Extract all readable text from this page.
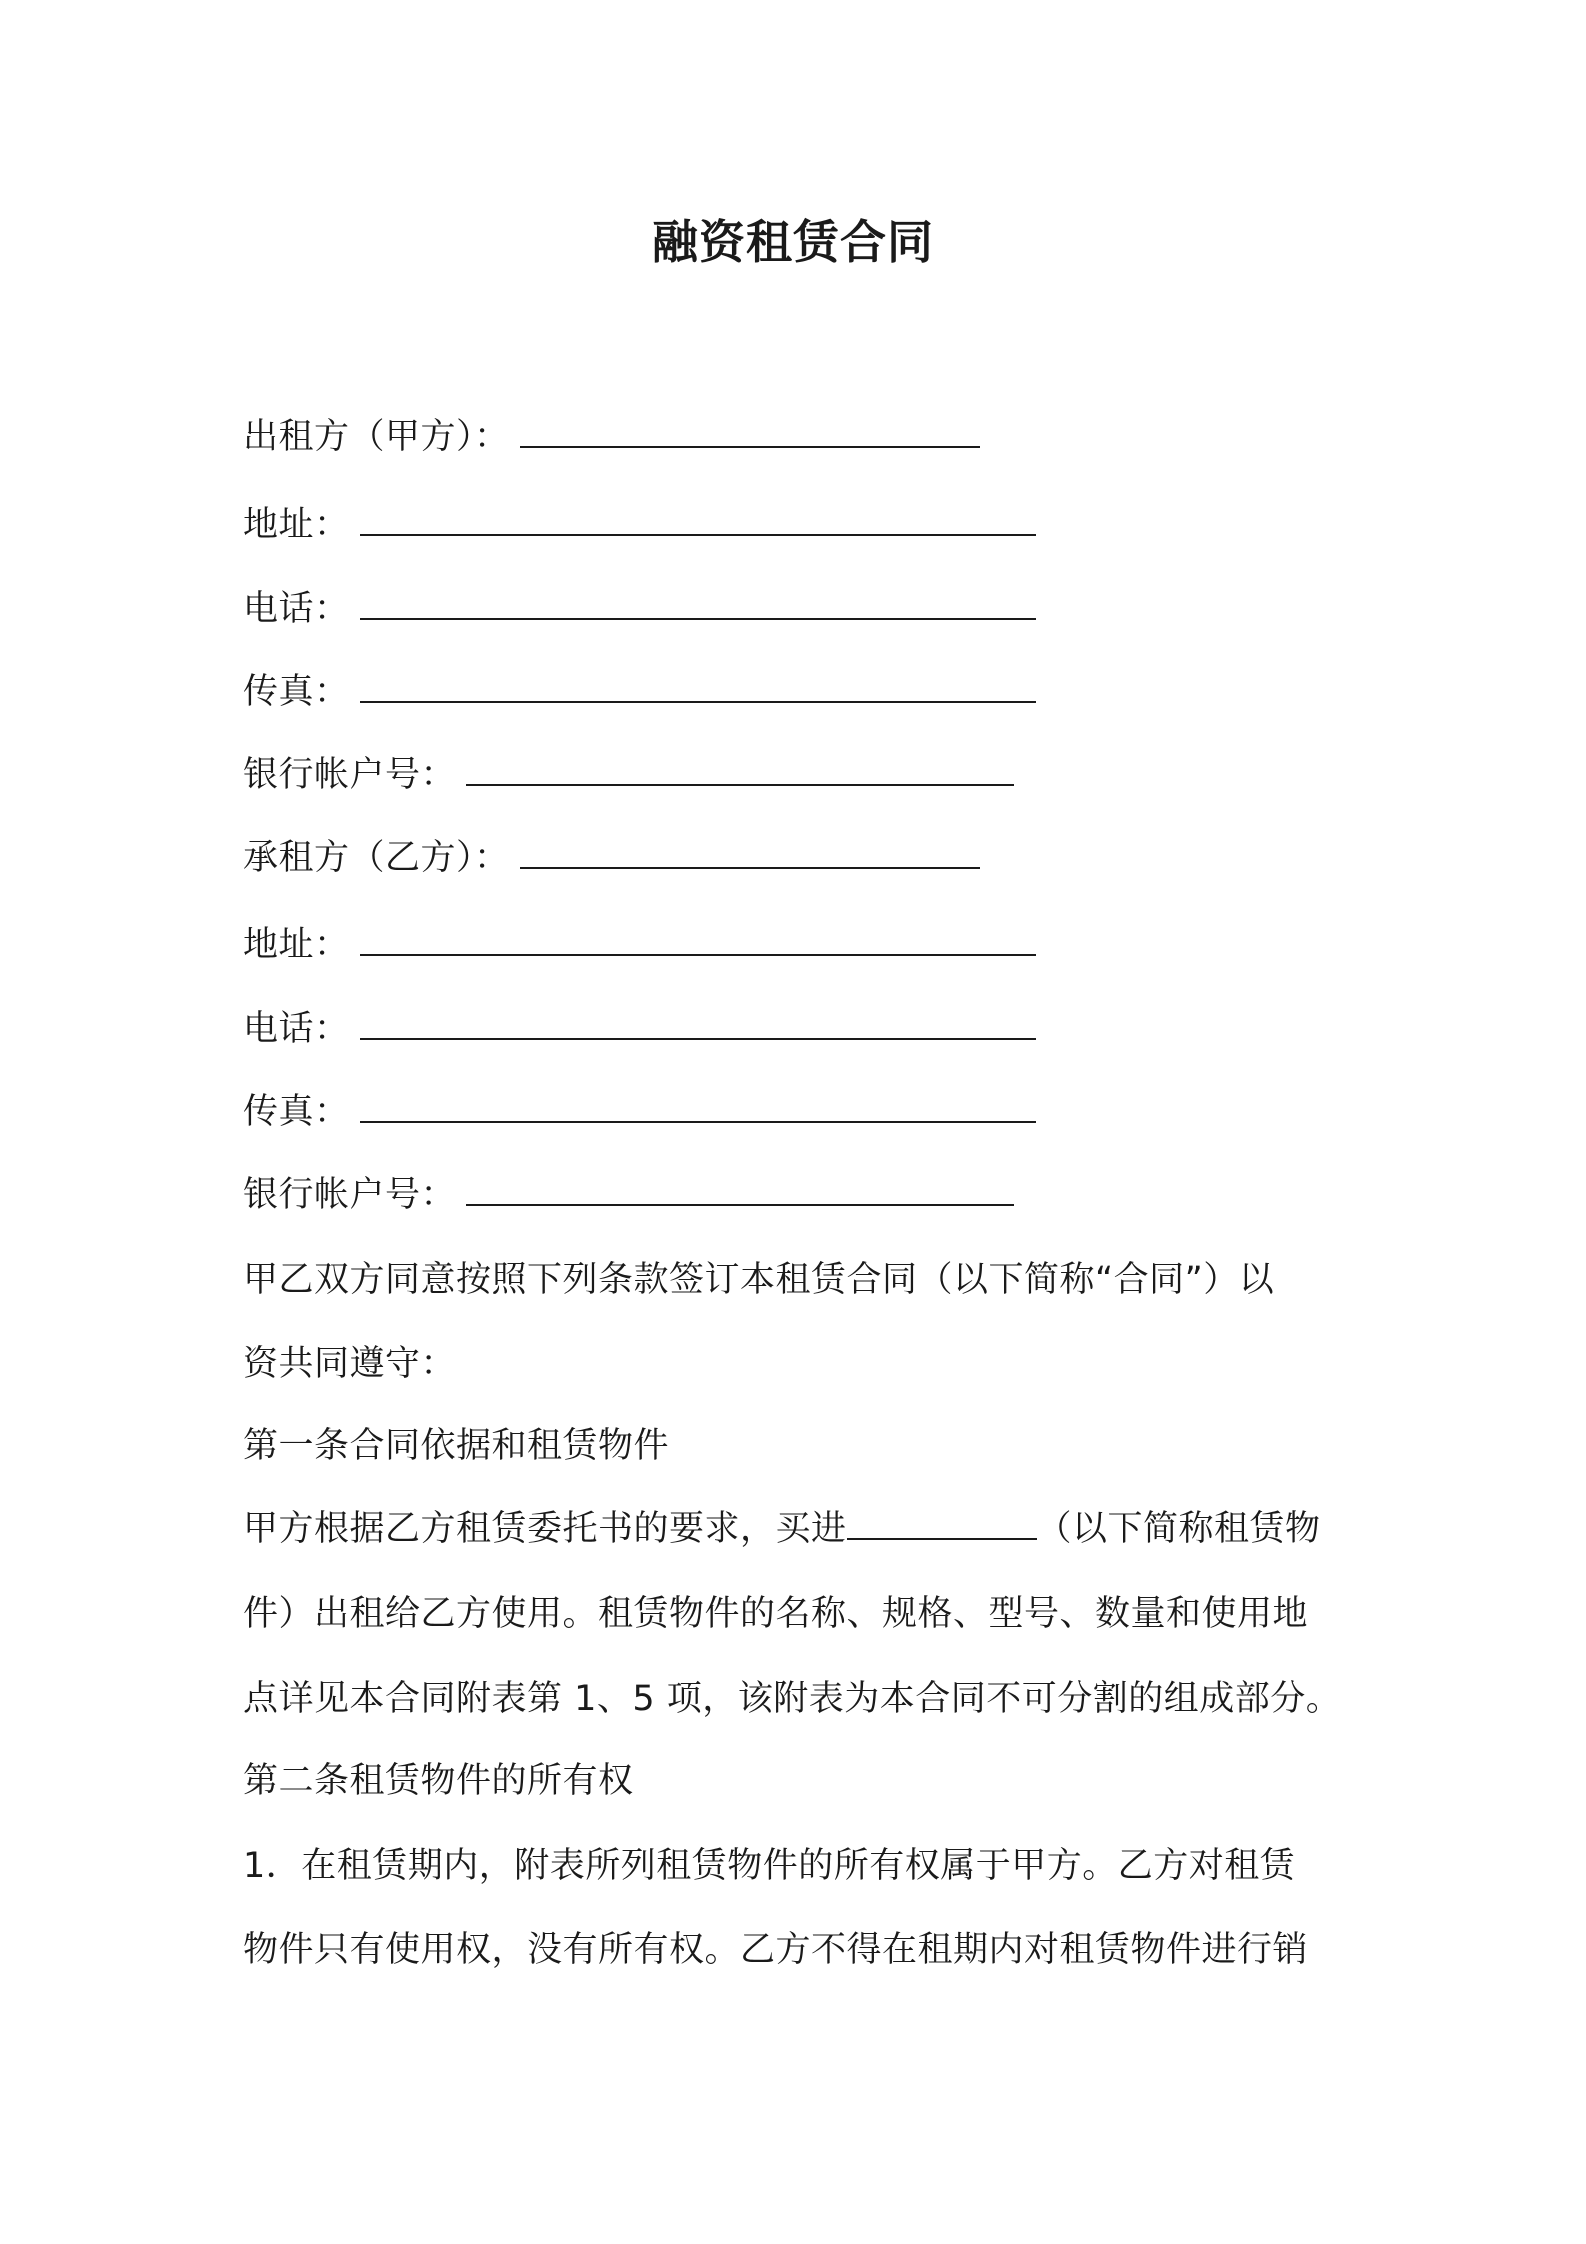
融资租赁合同
出租方（甲方）：
地址：
电话：
传真：
银行帐户号：
承租方（乙方）：
地址：
电话：
传真：
银行帐户号：
甲乙双方同意按照下列条款签订本租赁合同（以下简称“合同”）以
资共同遵守：
第一条合同依据和租赁物件
甲方根据乙方租赁委托书的要求，买进	（以下简称租赁物
件）出租给乙方使用。租赁物件的名称、规格、型号、数量和使用地
点详见本合同附表第 1、5 项，该附表为本合同不可分割的组成部分。
第二条租赁物件的所有权
1．在租赁期内，附表所列租赁物件的所有权属于甲方。乙方对租赁
物件只有使用权，没有所有权。乙方不得在租期内对租赁物件进行销
